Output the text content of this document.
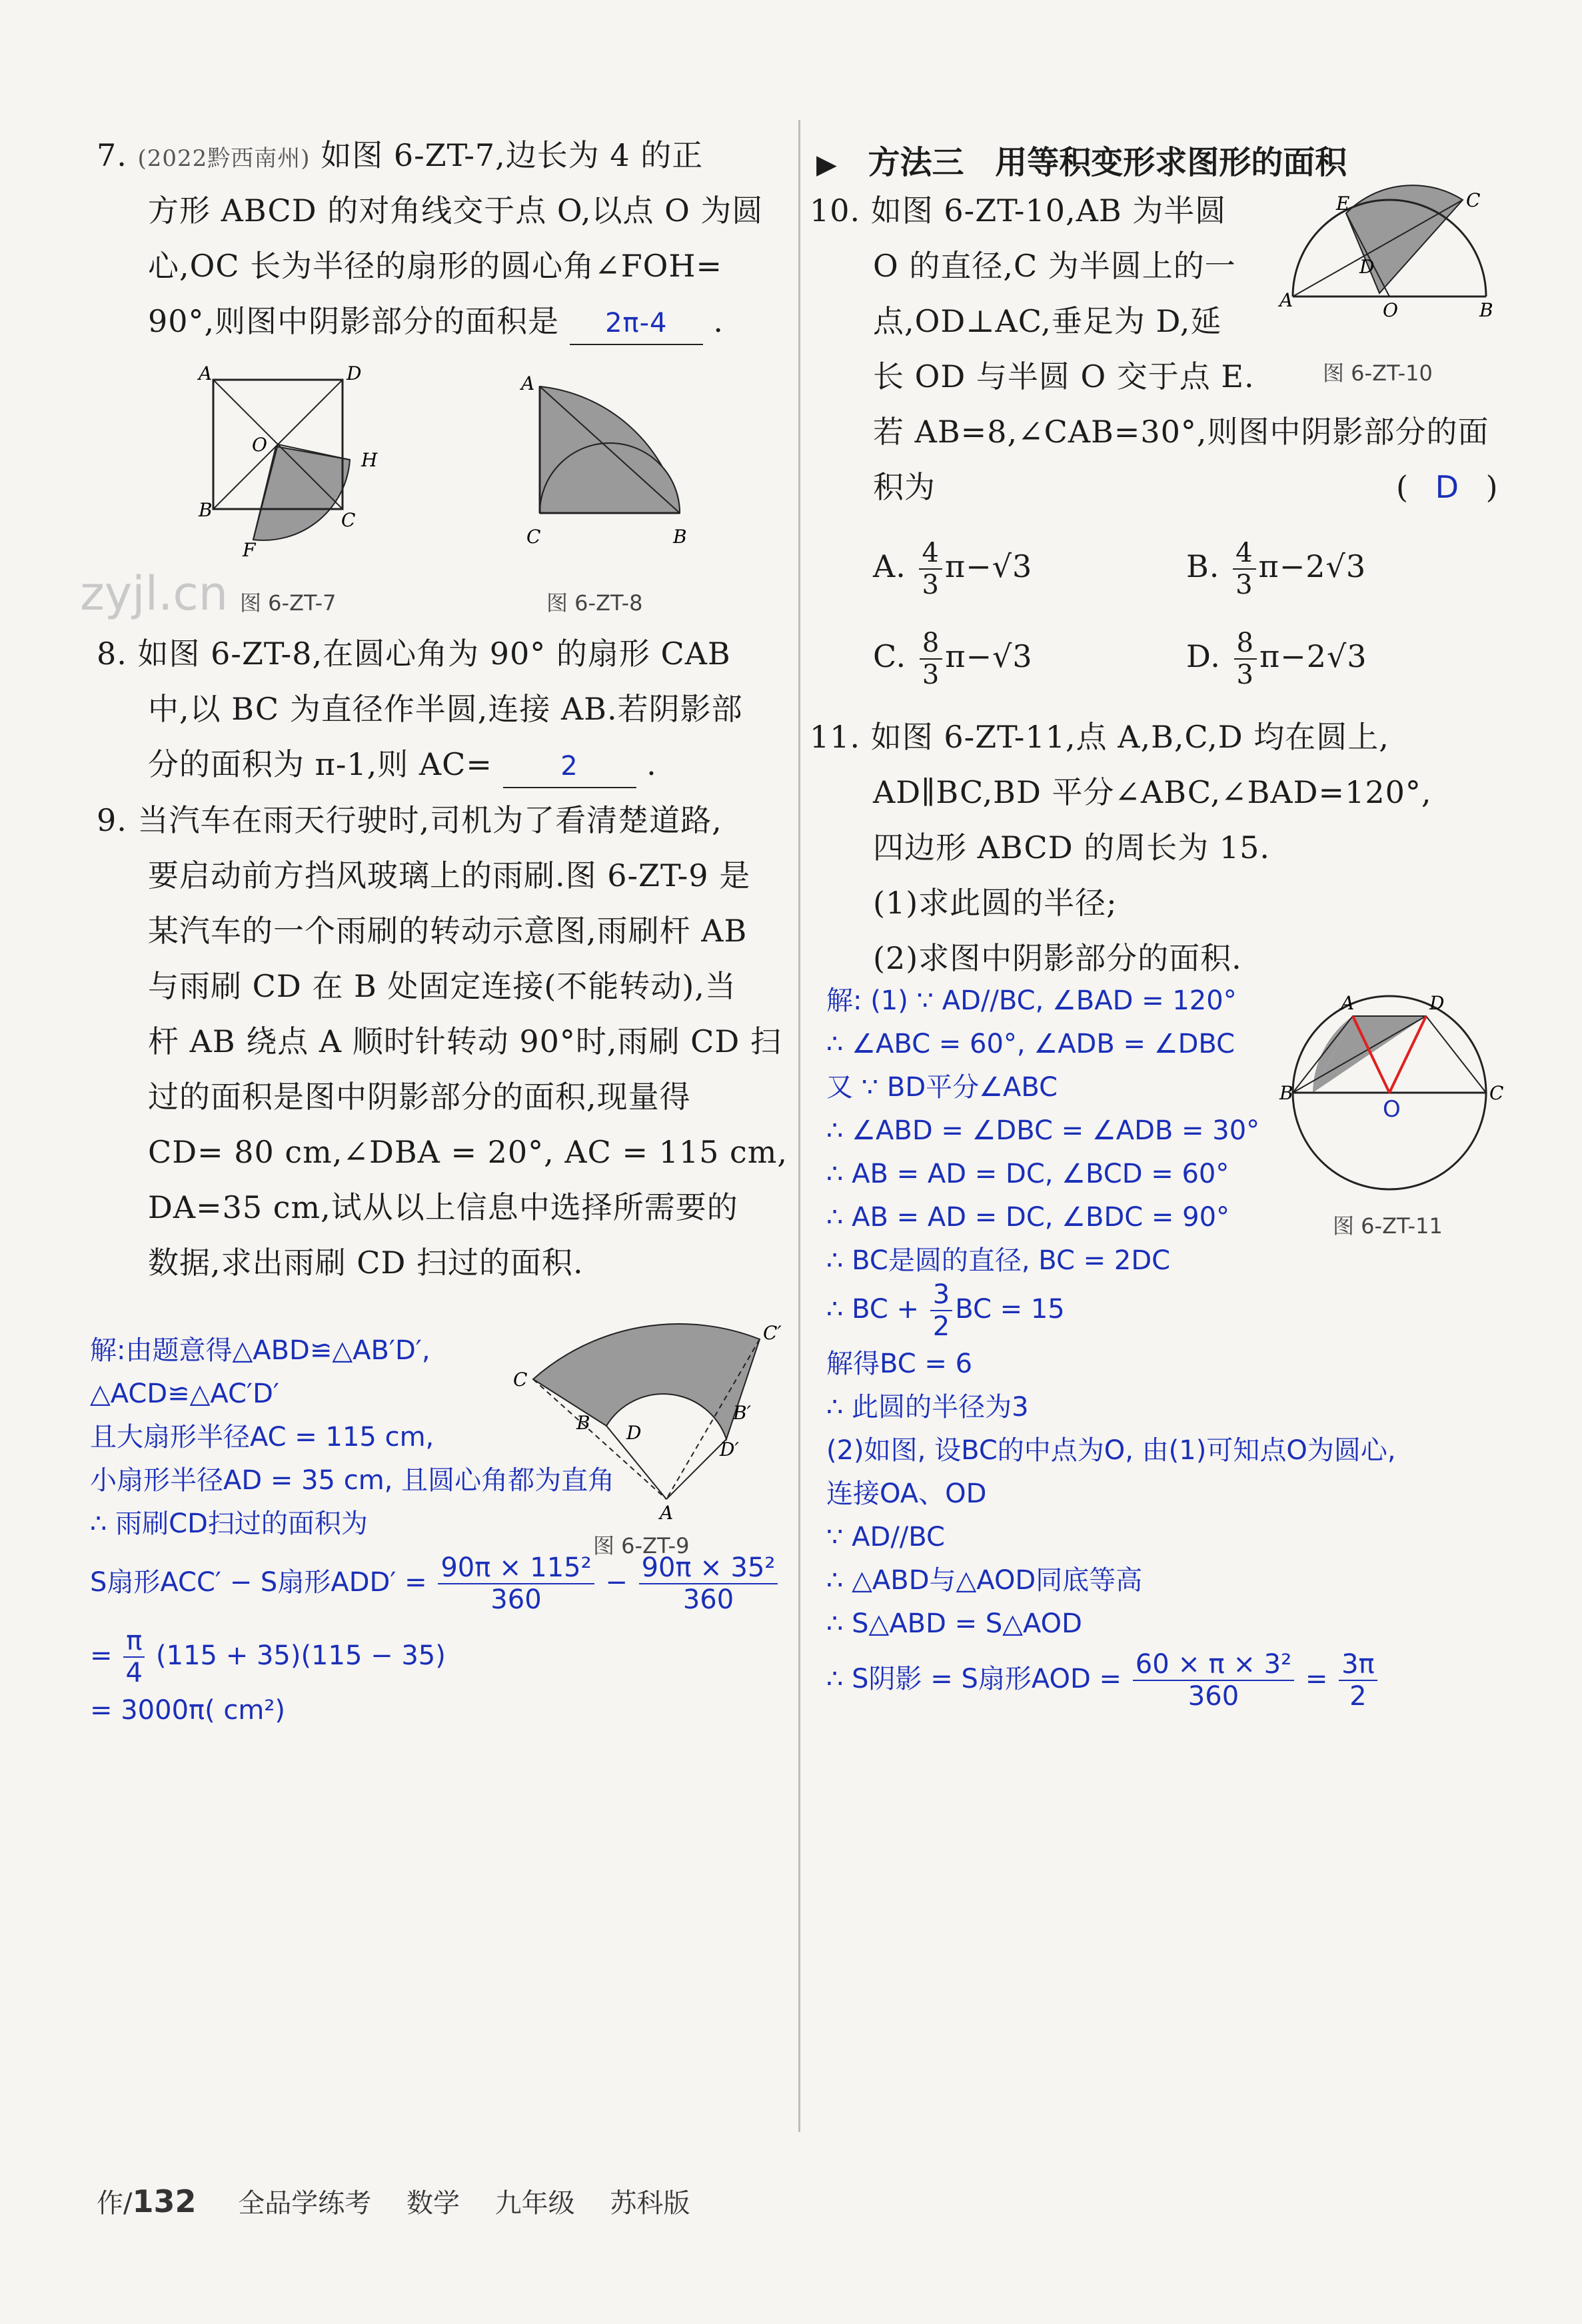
7. (2022黔西南州) 如图 6-ZT-7,边长为 4 的正
方形 ABCD 的对角线交于点 O,以点 O 为圆
心,OC 长为半径的扇形的圆心角∠FOH=
90°,则图中阴影部分的面积是 2π-4 .
A	D
B	C
O
H
F
图 6-ZT-7
A
C	B
图 6-ZT-8
zyjl.cn
8. 如图 6-ZT-8,在圆心角为 90° 的扇形 CAB
中,以 BC 为直径作半圆,连接 AB.若阴影部
分的面积为 π-1,则 AC=	2 .
9. 当汽车在雨天行驶时,司机为了看清楚道路,
要启动前方挡风玻璃上的雨刷.图 6-ZT-9 是
某汽车的一个雨刷的转动示意图,雨刷杆 AB
与雨刷 CD 在 B 处固定连接(不能转动),当
杆 AB 绕点 A 顺时针转动 90°时,雨刷 CD 扫
过的面积是图中阴影部分的面积,现量得
CD= 80 cm,∠DBA = 20°, AC = 115 cm,
DA=35 cm,试从以上信息中选择所需要的
数据,求出雨刷 CD 扫过的面积.
解:由题意得△ABD≌△AB′D′,
△ACD≌△AC′D′
且大扇形半径AC = 115 cm,
小扇形半径AD = 35 cm, 且圆心角都为直角
∴ 雨刷CD扫过的面积为
S扇形ACC′ − S扇形$ADD' = \frac{\text{90π × 115²}}{360} - \frac{\text{90π × 35²}}{360}$
= $\frac{\pi}{4} (115 + 35)(115 - 35)$
= 3000π( cm²)
C
C′
B D
B′
D′
A
图 6-ZT-9
▶ 方法三 用等积变形求图形的面积
10. 如图 6-ZT-10,AB 为半圆
O 的直径,C 为半圆上的一
点,OD⊥AC,垂足为 D,延
长 OD 与半圆 O 交于点 E.
若 AB=8,∠CAB=30°,则图中阴影部分的面
积为	( D )
E	C
D
A	O	B
图 6-ZT-10
A. $\frac{4}{3} \pi-√3$	B. $\frac{4}{3} \pi-2√3$
C. $\frac{8}{3} \pi-√3$	D. $\frac{8}{3} \pi-2√3$
11. 如图 6-ZT-11,点 A,B,C,D 均在圆上,
AD∥BC,BD 平分∠ABC,∠BAD=120°,
四边形 ABCD 的周长为 15.
(1)求此圆的半径;
(2)求图中阴影部分的面积.
解: (1) ∵ AD//BC, ∠BAD = 120°
∴ ∠ABC = 60°, ∠ADB = ∠DBC
又 ∵ BD平分∠ABC
∴ ∠ABD = ∠DBC = ∠ADB = 30°
∴ AB = AD = DC, ∠BCD = 60°
∴ AB = AD = DC, ∠BDC = 90°
∴ BC是圆的直径, BC = 2DC
∴ BC + $\frac{3}{2}$ BC = 15
解得BC = 6
∴ 此圆的半径为3
(2)如图, 设BC的中点为O, 由(1)可知点O为圆心,
连接OA、OD
∵ AD//BC
∴ △ABD与△AOD同底等高
∴ S△ABD = S△AOD
∴ S阴影 = S扇形AOD = $\frac{\text{60 × π × 3²}}{360} = \frac{3\pi}{2}$
A	D
B	C
O
图 6-ZT-11
作/132 全品学练考 数学 九年级 苏科版
